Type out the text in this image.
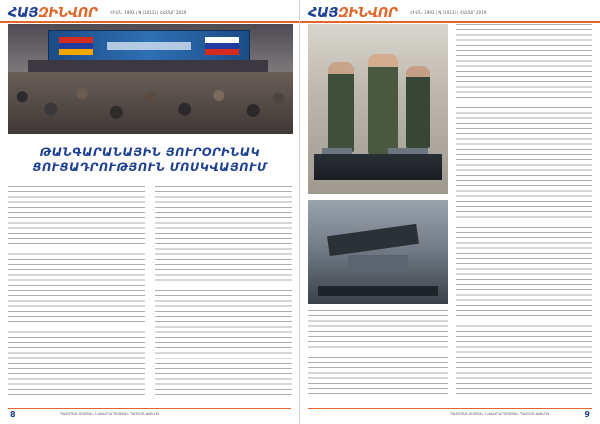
ՀԱՅԶԻՆՎՈՐ	ՀԻՄՆ. 1993 | N (1013) | ՀԱՄԱՐ 2019
ԹԱՆԳԱՐԱՆԱՅԻՆ ՅՈՒՐՕՐԻՆԱԿ
ՑՈՒՑԱԴՐՈՒԹՅՈՒՆ ՄՈՍԿՎԱՅՈՒՄ
8	ՊԱՇՏՊԱՆՈՒԹՅԱՆ ՆԱԽԱՐԱՐՈՒԹՅԱՆ ՊԱՇՏՈՆԱԹԵՐԹ
ՀԱՅԶԻՆՎՈՐ	ՀԻՄՆ. 1993 | N (1013) | ՀԱՄԱՐ 2019
ՊԱՇՏՊԱՆՈՒԹՅԱՆ ՆԱԽԱՐԱՐՈՒԹՅԱՆ ՊԱՇՏՈՆԱԹԵՐԹ	9
